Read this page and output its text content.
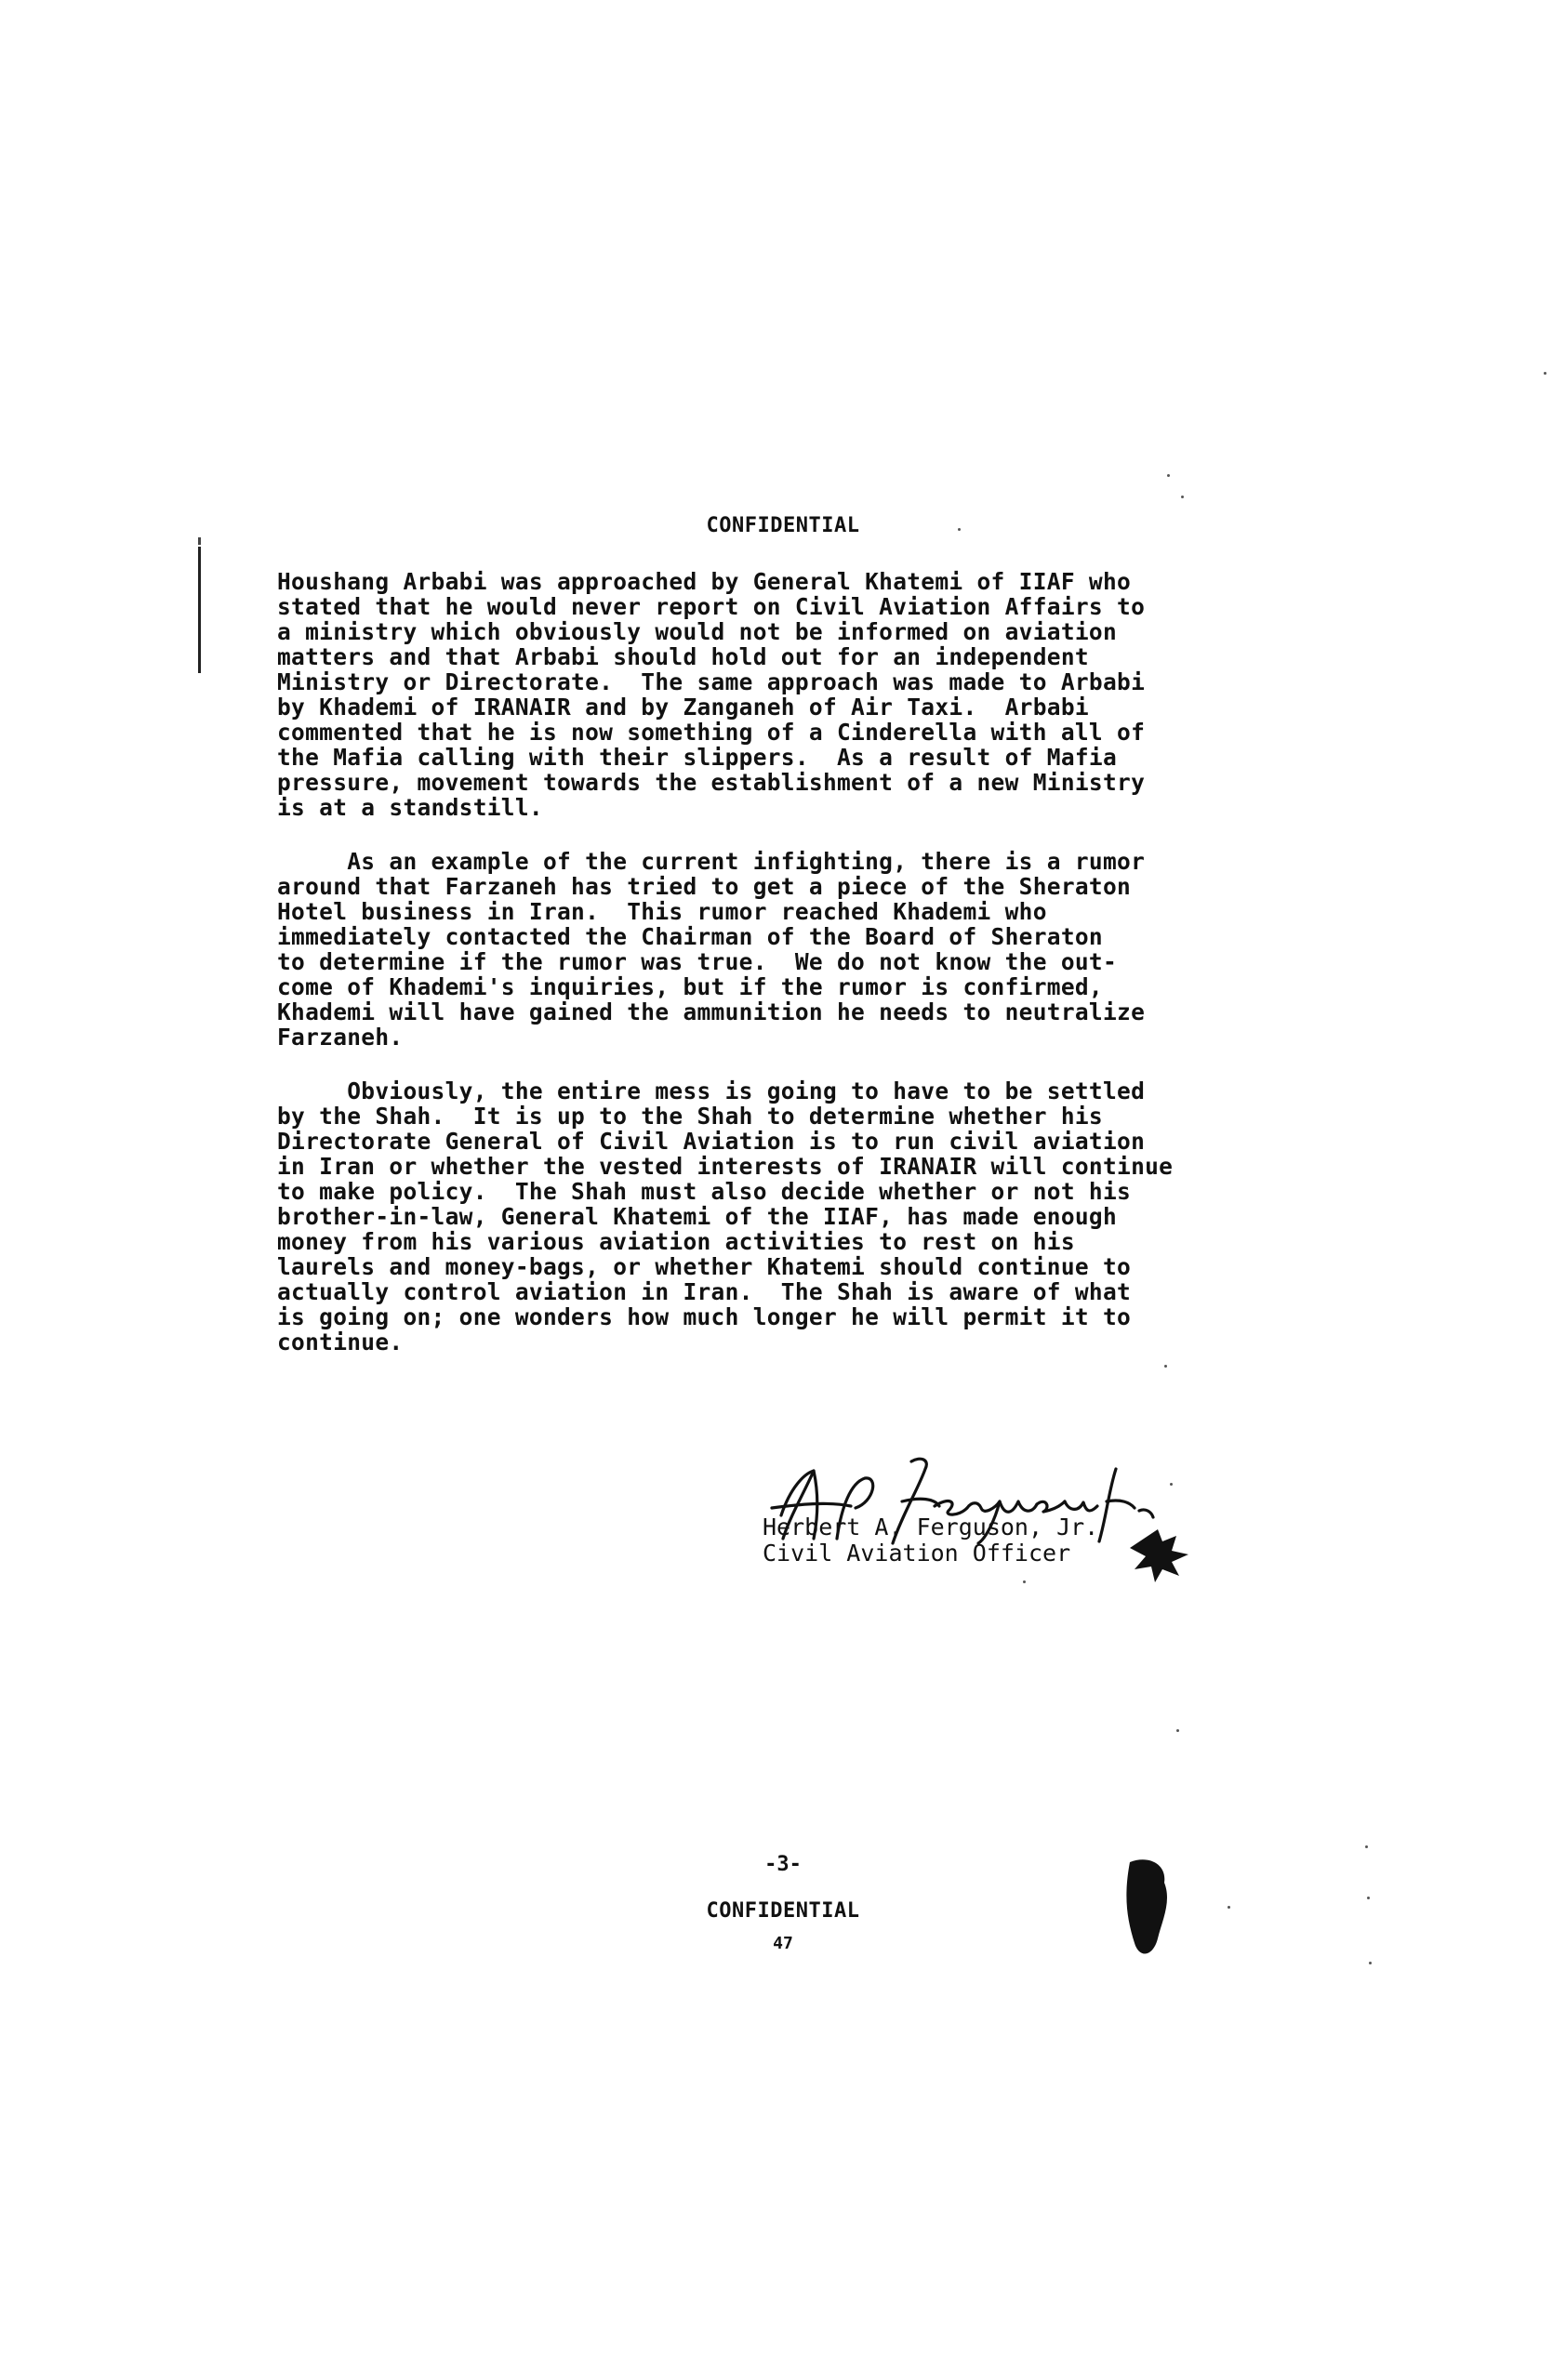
CONFIDENTIAL

Houshang Arbabi was approached by General Khatemi of IIAF who
stated that he would never report on Civil Aviation Affairs to
a ministry which obviously would not be informed on aviation
matters and that Arbabi should hold out for an independent
Ministry or Directorate.  The same approach was made to Arbabi
by Khademi of IRANAIR and by Zanganeh of Air Taxi.  Arbabi
commented that he is now something of a Cinderella with all of
the Mafia calling with their slippers.  As a result of Mafia
pressure, movement towards the establishment of a new Ministry
is at a standstill.

As an example of the current infighting, there is a rumor
around that Farzaneh has tried to get a piece of the Sheraton
Hotel business in Iran.  This rumor reached Khademi who
immediately contacted the Chairman of the Board of Sheraton
to determine if the rumor was true.  We do not know the out-
come of Khademi's inquiries, but if the rumor is confirmed,
Khademi will have gained the ammunition he needs to neutralize
Farzaneh.

Obviously, the entire mess is going to have to be settled
by the Shah.  It is up to the Shah to determine whether his
Directorate General of Civil Aviation is to run civil aviation
in Iran or whether the vested interests of IRANAIR will continue
to make policy.  The Shah must also decide whether or not his
brother-in-law, General Khatemi of the IIAF, has made enough
money from his various aviation activities to rest on his
laurels and money-bags, or whether Khatemi should continue to
actually control aviation in Iran.  The Shah is aware of what
is going on; one wonders how much longer he will permit it to
continue.

Herbert A. Ferguson, Jr.
Civil Aviation Officer
-3-
CONFIDENTIAL
47
